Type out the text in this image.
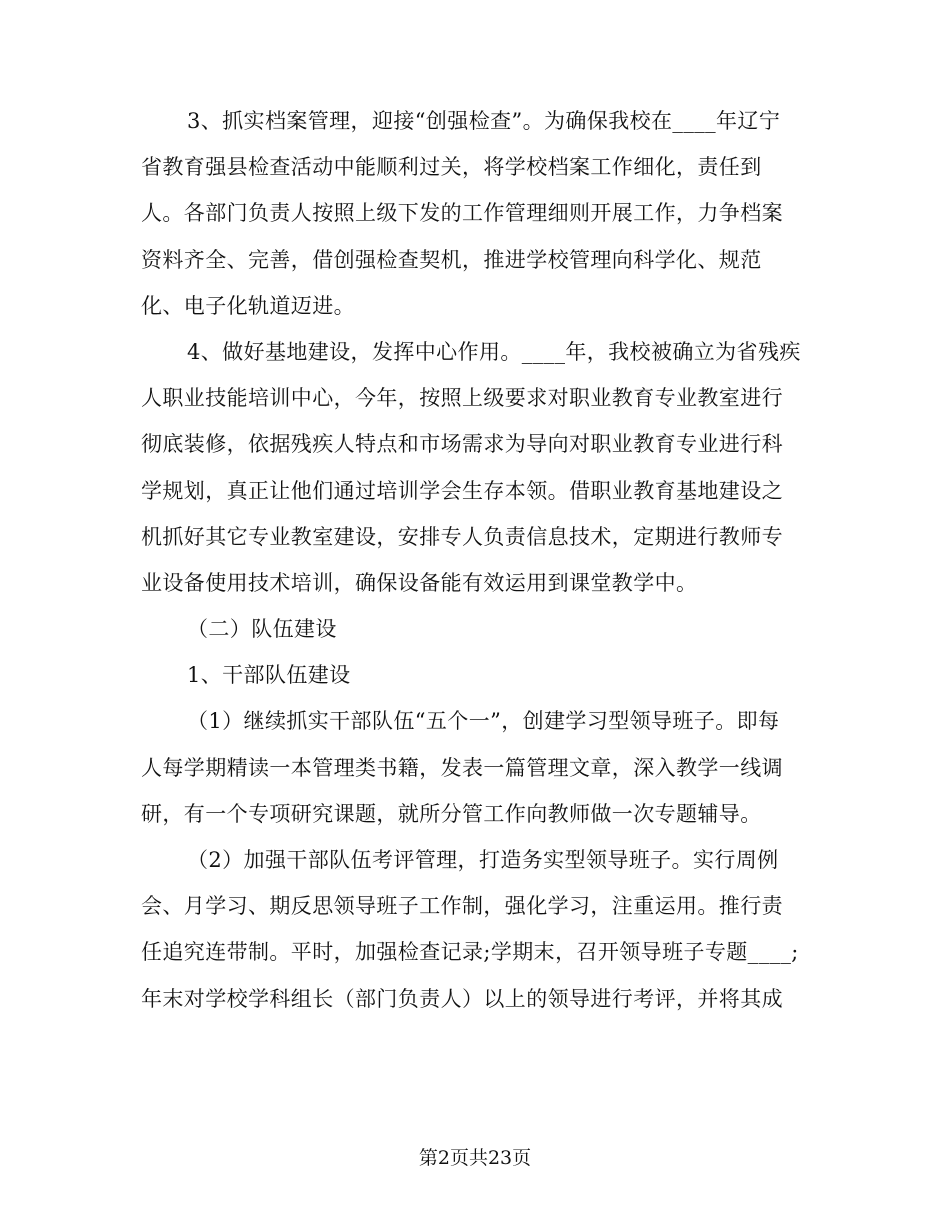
3、抓实档案管理，迎接“创强检查”。为确保我校在____年辽宁
省教育强县检查活动中能顺利过关，将学校档案工作细化，责任到
人。各部门负责人按照上级下发的工作管理细则开展工作，力争档案
资料齐全、完善，借创强检查契机，推进学校管理向科学化、规范
化、电子化轨道迈进。
4、做好基地建设，发挥中心作用。____年，我校被确立为省残疾
人职业技能培训中心，今年，按照上级要求对职业教育专业教室进行
彻底装修，依据残疾人特点和市场需求为导向对职业教育专业进行科
学规划，真正让他们通过培训学会生存本领。借职业教育基地建设之
机抓好其它专业教室建设，安排专人负责信息技术，定期进行教师专
业设备使用技术培训，确保设备能有效运用到课堂教学中。
（二）队伍建设
1、干部队伍建设
（1）继续抓实干部队伍“五个一”，创建学习型领导班子。即每
人每学期精读一本管理类书籍，发表一篇管理文章，深入教学一线调
研，有一个专项研究课题，就所分管工作向教师做一次专题辅导。
（2）加强干部队伍考评管理，打造务实型领导班子。实行周例
会、月学习、期反思领导班子工作制，强化学习，注重运用。推行责
任追究连带制。平时，加强检查记录;学期末，召开领导班子专题____;
年末对学校学科组长（部门负责人）以上的领导进行考评，并将其成
第2页共23页
